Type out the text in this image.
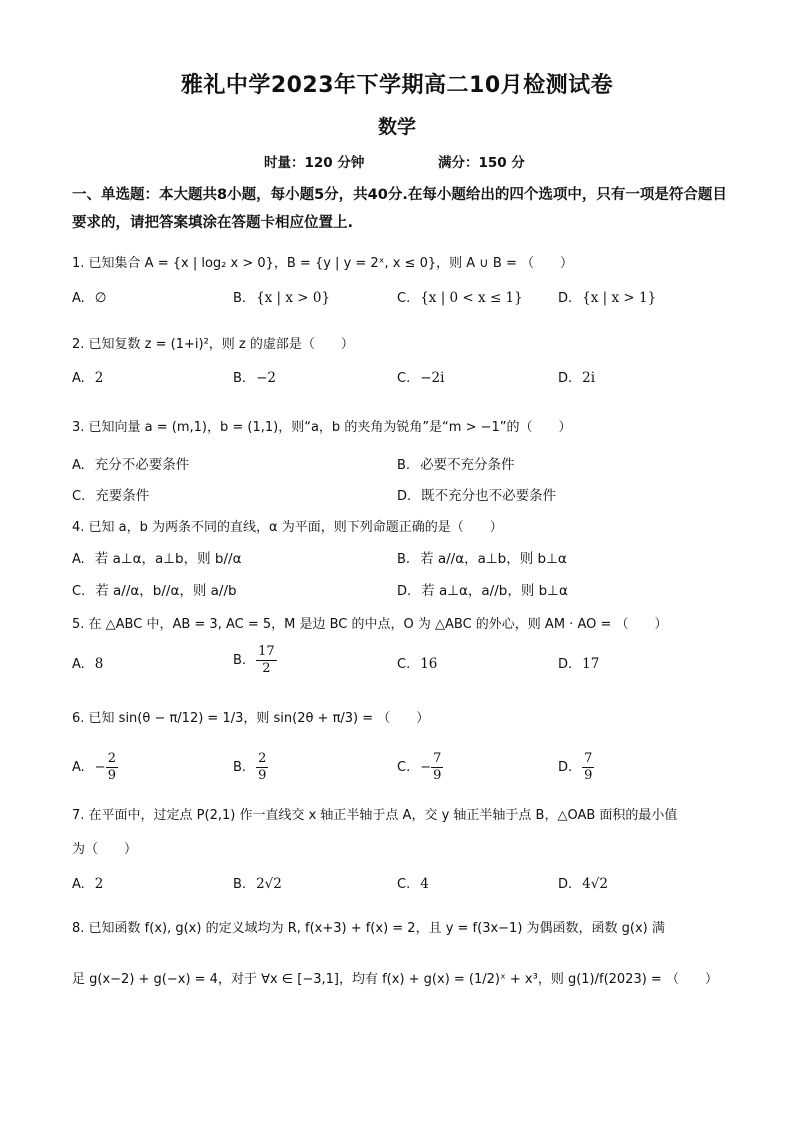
雅礼中学2023年下学期高二10月检测试卷
数学
时量：120 分钟	满分：150 分
一、单选题：本大题共8小题，每小题5分，共40分.在每小题给出的四个选项中，只有一项是符合题目要求的，请把答案填涂在答题卡相应位置上.
1. 已知集合 A = {x | log₂ x > 0}，B = {y | y = 2ˣ, x ≤ 0}，则 A ∪ B = （　　）
A. ∅	B. {x | x > 0}	C. {x | 0 < x ≤ 1}	D. {x | x > 1}
2. 已知复数 z = (1+i)²，则 z 的虚部是（　　）
A. 2	B. −2	C. −2i	D. 2i
3. 已知向量 a = (m,1)，b = (1,1)，则“a，b 的夹角为锐角”是“m > −1”的（　　）
A. 充分不必要条件	B. 必要不充分条件
C. 充要条件	D. 既不充分也不必要条件
4. 已知 a，b 为两条不同的直线，α 为平面，则下列命题正确的是（　　）
A. 若 a⊥α，a⊥b，则 b//α	B. 若 a//α，a⊥b，则 b⊥α
C. 若 a//α，b//α，则 a//b	D. 若 a⊥α，a//b，则 b⊥α
5. 在 △ABC 中，AB = 3, AC = 5，M 是边 BC 的中点，O 为 △ABC 的外心，则 AM · AO = （　　）
A. 8	B. $\frac{17}{2}$	C. 16	D. 17
6. 已知 sin(θ − π/12) = 1/3，则 sin(2θ + π/3) = （　　）
A. − $\frac{2}{9}$	B. $\frac{2}{9}$	C. − $\frac{7}{9}$	D. $\frac{7}{9}$
7. 在平面中，过定点 P(2,1) 作一直线交 x 轴正半轴于点 A，交 y 轴正半轴于点 B，△OAB 面积的最小值
为（　　）
A. 2	B. 2√2	C. 4	D. 4√2
8. 已知函数 f(x), g(x) 的定义域均为 R, f(x+3) + f(x) = 2，且 y = f(3x−1) 为偶函数，函数 g(x) 满
足 g(x−2) + g(−x) = 4，对于 ∀x ∈ [−3,1]，均有 f(x) + g(x) = (1/2)ˣ + x³，则 g(1)/f(2023) = （　　）
